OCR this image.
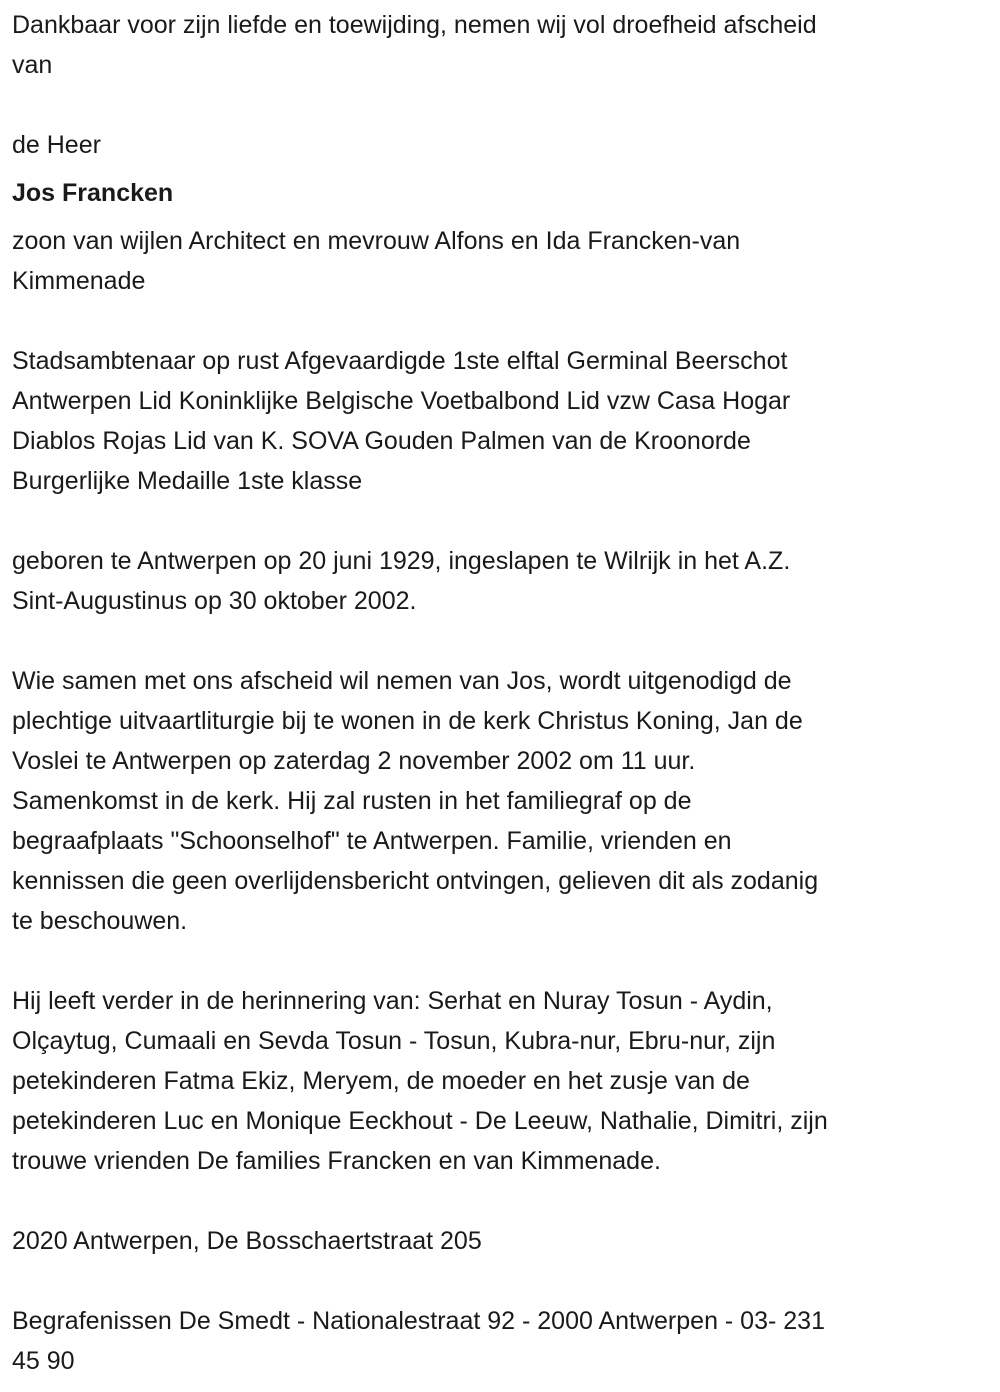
Dankbaar voor zijn liefde en toewijding, nemen wij vol droefheid afscheid
van
de Heer
Jos Francken
zoon van wijlen Architect en mevrouw Alfons en Ida Francken-van
Kimmenade
Stadsambtenaar op rust Afgevaardigde 1ste elftal Germinal Beerschot
Antwerpen Lid Koninklijke Belgische Voetbalbond Lid vzw Casa Hogar
Diablos Rojas Lid van K. SOVA Gouden Palmen van de Kroonorde
Burgerlijke Medaille 1ste klasse
geboren te Antwerpen op 20 juni 1929, ingeslapen te Wilrijk in het A.Z.
Sint-Augustinus op 30 oktober 2002.
Wie samen met ons afscheid wil nemen van Jos, wordt uitgenodigd de
plechtige uitvaartliturgie bij te wonen in de kerk Christus Koning, Jan de
Voslei te Antwerpen op zaterdag 2 november 2002 om 11 uur.
Samenkomst in de kerk. Hij zal rusten in het familiegraf op de
begraafplaats "Schoonselhof" te Antwerpen. Familie, vrienden en
kennissen die geen overlijdensbericht ontvingen, gelieven dit als zodanig
te beschouwen.
Hij leeft verder in de herinnering van: Serhat en Nuray Tosun - Aydin,
Olçaytug, Cumaali en Sevda Tosun - Tosun, Kubra-nur, Ebru-nur, zijn
petekinderen Fatma Ekiz, Meryem, de moeder en het zusje van de
petekinderen Luc en Monique Eeckhout - De Leeuw, Nathalie, Dimitri, zijn
trouwe vrienden De families Francken en van Kimmenade.
2020 Antwerpen, De Bosschaertstraat 205
Begrafenissen De Smedt - Nationalestraat 92 - 2000 Antwerpen - 03- 231
45 90
